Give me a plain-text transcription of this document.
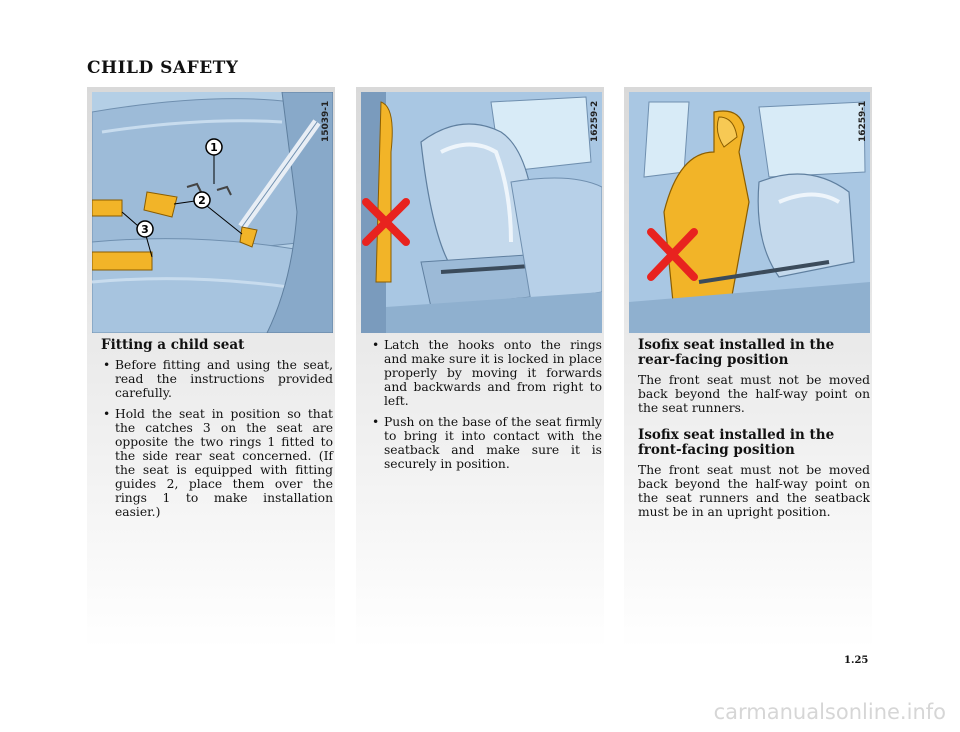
CHILD SAFETY
1
2
3
15039-1
Fitting a child seat
• Before fitting and using the seat, read the instructions provided carefully.
• Hold the seat in position so that the catches 3 on the seat are opposite the two rings 1 fitted to the side rear seat concerned. (If the seat is equipped with fitting guides 2, place them over the rings 1 to make installation easier.)
16259-2
• Latch the hooks onto the rings and make sure it is locked in place properly by moving it forwards and backwards and from right to left.
• Push on the base of the seat firmly to bring it into contact with the seatback and make sure it is securely in position.
16259-1
Isofix seat installed in the rear-facing position

The front seat must not be moved back beyond the half-way point on the seat runners.

Isofix seat installed in the front-facing position

The front seat must not be moved back beyond the half-way point on the seat runners and the seatback must be in an upright position.

1.25
carmanualsonline.info
